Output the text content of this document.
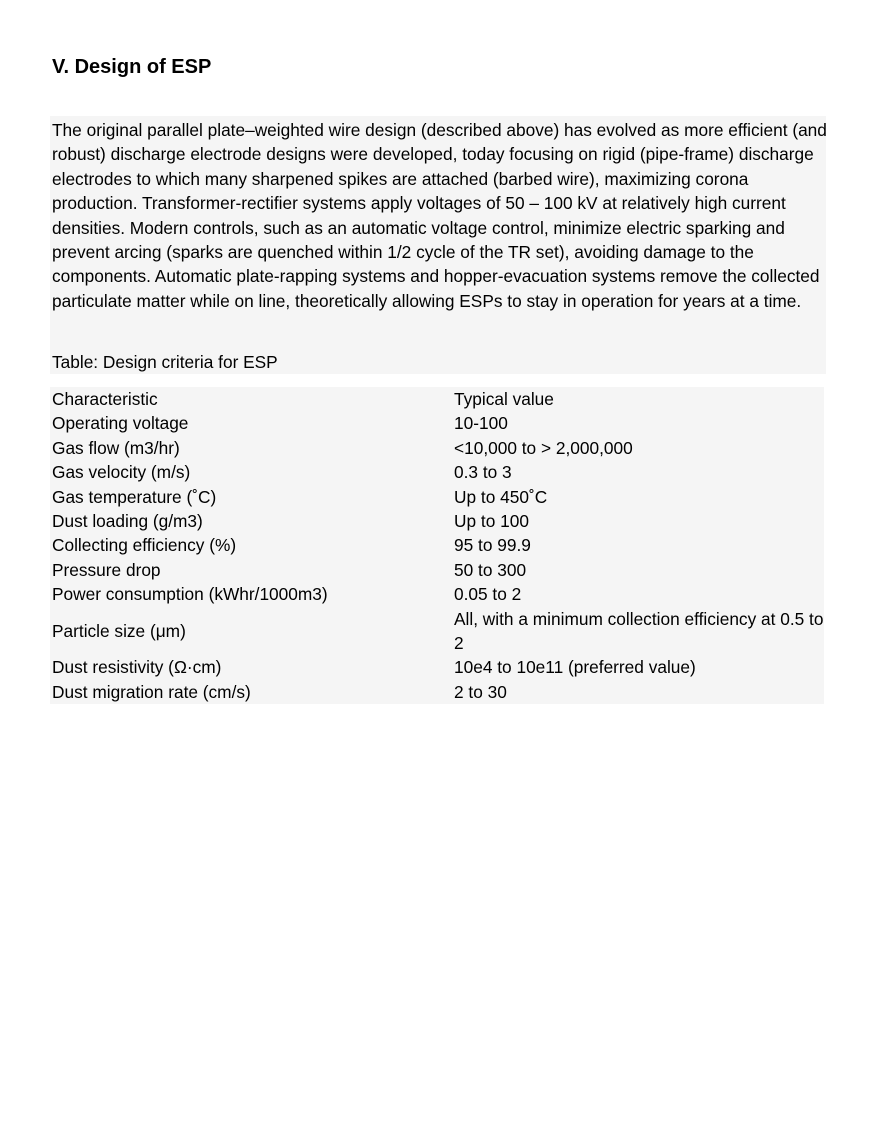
V. Design of ESP

The original parallel plate–weighted wire design (described above) has evolved as more efficient (and robust) discharge electrode designs were developed, today focusing on rigid (pipe-frame) discharge electrodes to which many sharpened spikes are attached (barbed wire), maximizing corona production. Transformer-rectifier systems apply voltages of 50 – 100 kV at relatively high current densities. Modern controls, such as an automatic voltage control, minimize electric sparking and prevent arcing (sparks are quenched within 1/2 cycle of the TR set), avoiding damage to the components. Automatic plate-rapping systems and hopper-evacuation systems remove the collected particulate matter while on line, theoretically allowing ESPs to stay in operation for years at a time.

Table: Design criteria for ESP

Characteristic	Typical value
Operating voltage	10-100
Gas flow (m3/hr)	<10,000 to > 2,000,000
Gas velocity (m/s)	0.3 to 3
Gas temperature (˚C)	Up to 450˚C
Dust loading (g/m3)	Up to 100
Collecting efficiency (%)	95 to 99.9
Pressure drop	50 to 300
Power consumption (kWhr/1000m3)	0.05 to 2
Particle size (μm)	All, with a minimum collection efficiency at 0.5 to 2
Dust resistivity (Ω·cm)	10e4 to 10e11 (preferred value)
Dust migration rate (cm/s)	2 to 30
